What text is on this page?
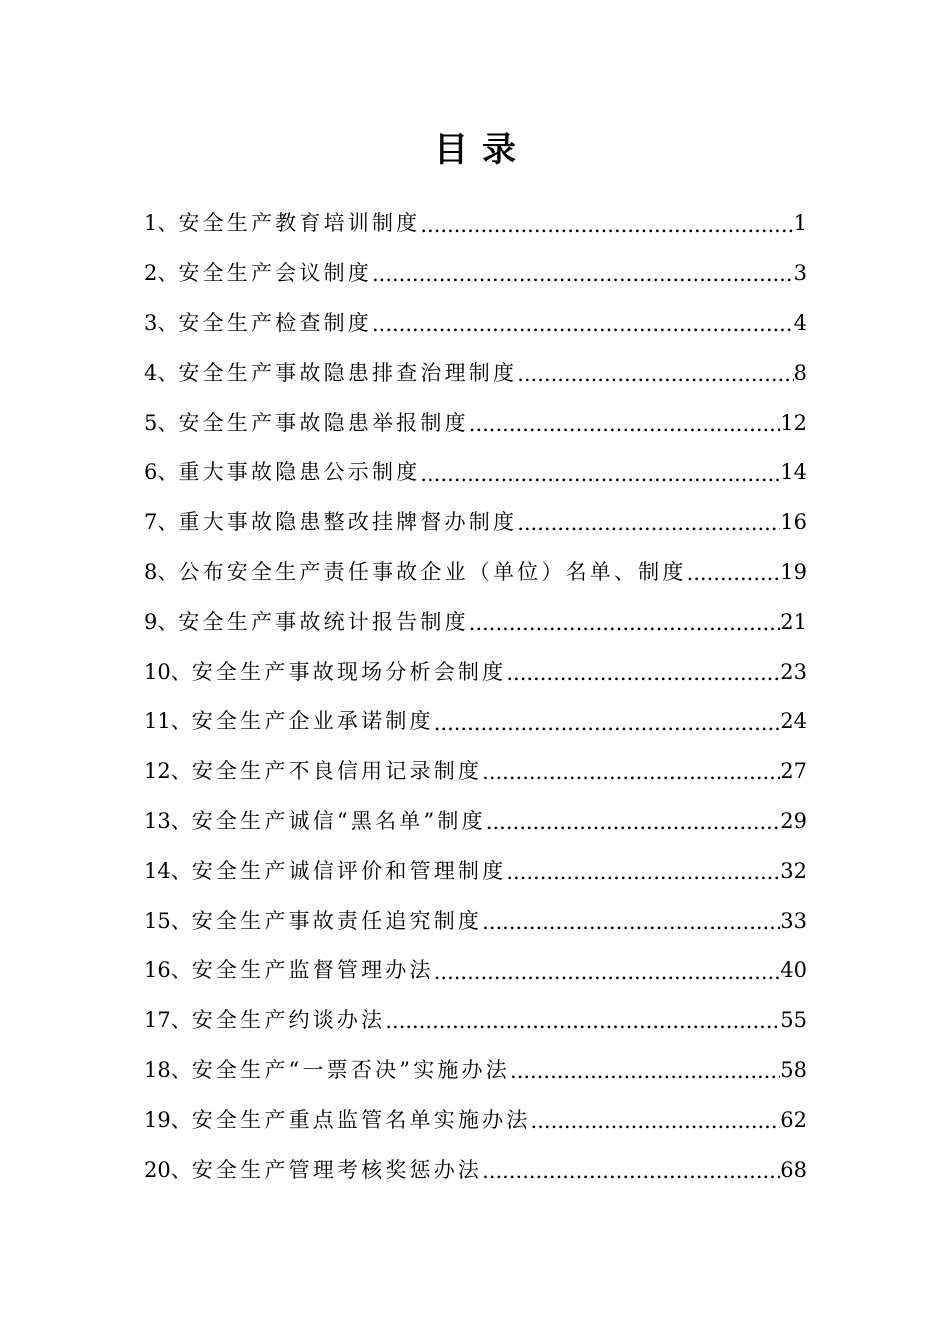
目录
1、 安全生产教育培训制度 .....	1
2、 安全生产会议制度 .....	3
3、 安全生产检查制度 .....	4
4、 安全生产事故隐患排查治理制度 .....	8
5、 安全生产事故隐患举报制度 .....	12
6、 重大事故隐患公示制度 .....	14
7、 重大事故隐患整改挂牌督办制度 .....	16
8、 公布安全生产责任事故企业（单位）名单、制度 .....	19
9、 安全生产事故统计报告制度 .....	21
10、 安全生产事故现场分析会制度 .....	23
11、 安全生产企业承诺制度 .....	24
12、 安全生产不良信用记录制度 .....	27
13、 安全生产诚信“黑名单”制度 .....	29
14、 安全生产诚信评价和管理制度 .....	32
15、 安全生产事故责任追究制度 .....	33
16、 安全生产监督管理办法 .....	40
17、 安全生产约谈办法 .....	55
18、 安全生产“一票否决”实施办法 .....	58
19、 安全生产重点监管名单实施办法 .....	62
20、 安全生产管理考核奖惩办法 .....	68
